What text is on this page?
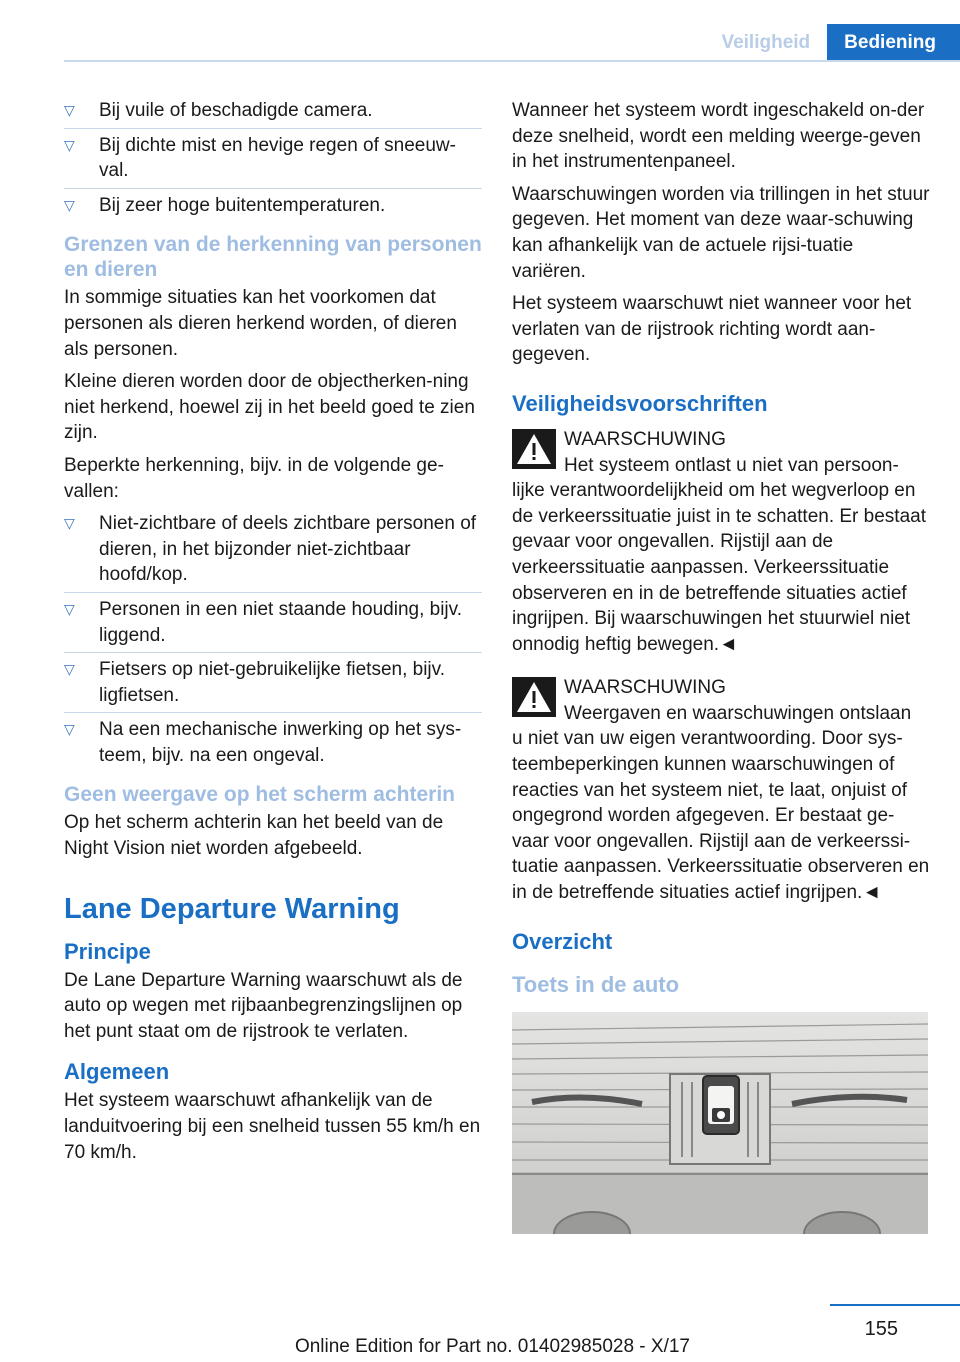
Veiligheid	Bediening
▽ Bij vuile of beschadigde camera.
▽ Bij dichte mist en hevige regen of sneeuw‐val.
▽ Bij zeer hoge buitentemperaturen.
Grenzen van de herkenning van personen en dieren

In sommige situaties kan het voorkomen dat personen als dieren herkend worden, of dieren als personen.

Kleine dieren worden door de objectherken‐ning niet herkend, hoewel zij in het beeld goed te zien zijn.

Beperkte herkenning, bijv. in de volgende ge‐vallen:

▽ Niet-zichtbare of deels zichtbare personen of dieren, in het bijzonder niet-zichtbaar hoofd/kop.
▽ Personen in een niet staande houding, bijv. liggend.
▽ Fietsers op niet-gebruikelijke fietsen, bijv. ligfietsen.
▽ Na een mechanische inwerking op het sys‐teem, bijv. na een ongeval.
Geen weergave op het scherm achterin

Op het scherm achterin kan het beeld van de Night Vision niet worden afgebeeld.

Lane Departure Warning
Principe

De Lane Departure Warning waarschuwt als de auto op wegen met rijbaanbegrenzingslijnen op het punt staat om de rijstrook te verlaten.

Algemeen

Het systeem waarschuwt afhankelijk van de landuitvoering bij een snelheid tussen 55 km/h en 70 km/h.

Wanneer het systeem wordt ingeschakeld on‐der deze snelheid, wordt een melding weerge‐geven in het instrumentenpaneel.

Waarschuwingen worden via trillingen in het stuur gegeven. Het moment van deze waar‐schuwing kan afhankelijk van de actuele rijsi‐tuatie variëren.

Het systeem waarschuwt niet wanneer voor het verlaten van de rijstrook richting wordt aan‐gegeven.

Veiligheidsvoorschriften
WAARSCHUWING
Het systeem ontlast u niet van persoon‐
lijke verantwoordelijkheid om het wegverloop en de verkeerssituatie juist in te schatten. Er bestaat gevaar voor ongevallen. Rijstijl aan de verkeerssituatie aanpassen. Verkeerssituatie observeren en in de betreffende situaties actief ingrijpen. Bij waarschuwingen het stuurwiel niet onnodig heftig bewegen.◄
WAARSCHUWING
Weergaven en waarschuwingen ontslaan
u niet van uw eigen verantwoording. Door sys‐teembeperkingen kunnen waarschuwingen of reacties van het systeem niet, te laat, onjuist of ongegrond worden afgegeven. Er bestaat ge‐vaar voor ongevallen. Rijstijl aan de verkeerssi‐tuatie aanpassen. Verkeerssituatie observeren en in de betreffende situaties actief ingrijpen.◄
Overzicht
Toets in de auto
155
Online Edition for Part no. 01402985028 - X/17
